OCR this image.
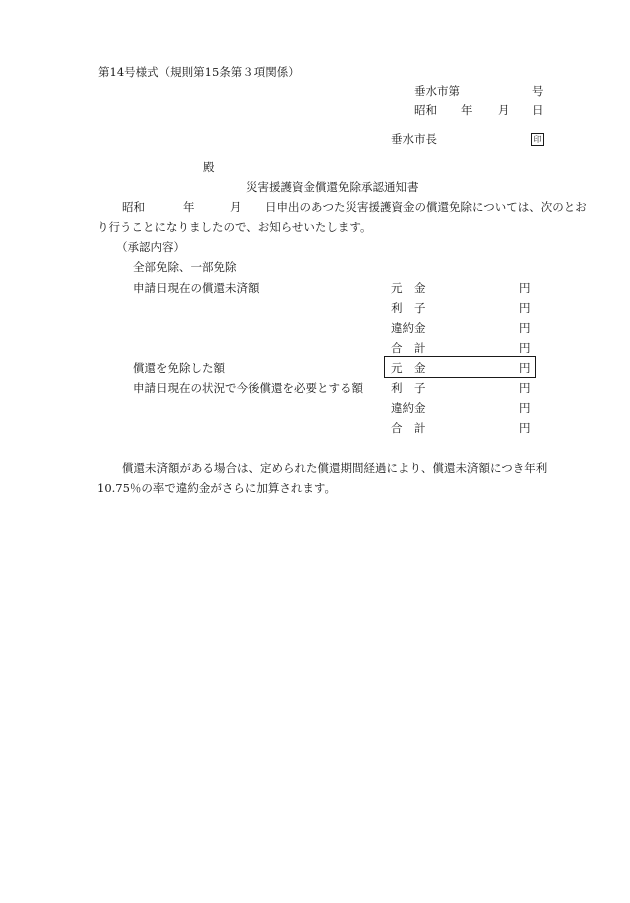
第14号様式（規則第15条第３項関係）
垂水市第	号
昭和 年 月 日
垂水市長	印
殿
災害援護資金償還免除承認通知書
昭和	年	月 日申出のあつた災害援護資金の償還免除については、次のとお
り行うことになりましたので、お知らせいたします。
（承認内容）
全部免除、一部免除
申請日現在の償還未済額	元　金	円
利　子	円
違約金	円
合　計	円
償還を免除した額	元　金	円
申請日現在の状況で今後償還を必要とする額 利　子	円
違約金	円
合　計	円
償還未済額がある場合は、定められた償還期間経過により、償還未済額につき年利
10.75％の率で違約金がさらに加算されます。
